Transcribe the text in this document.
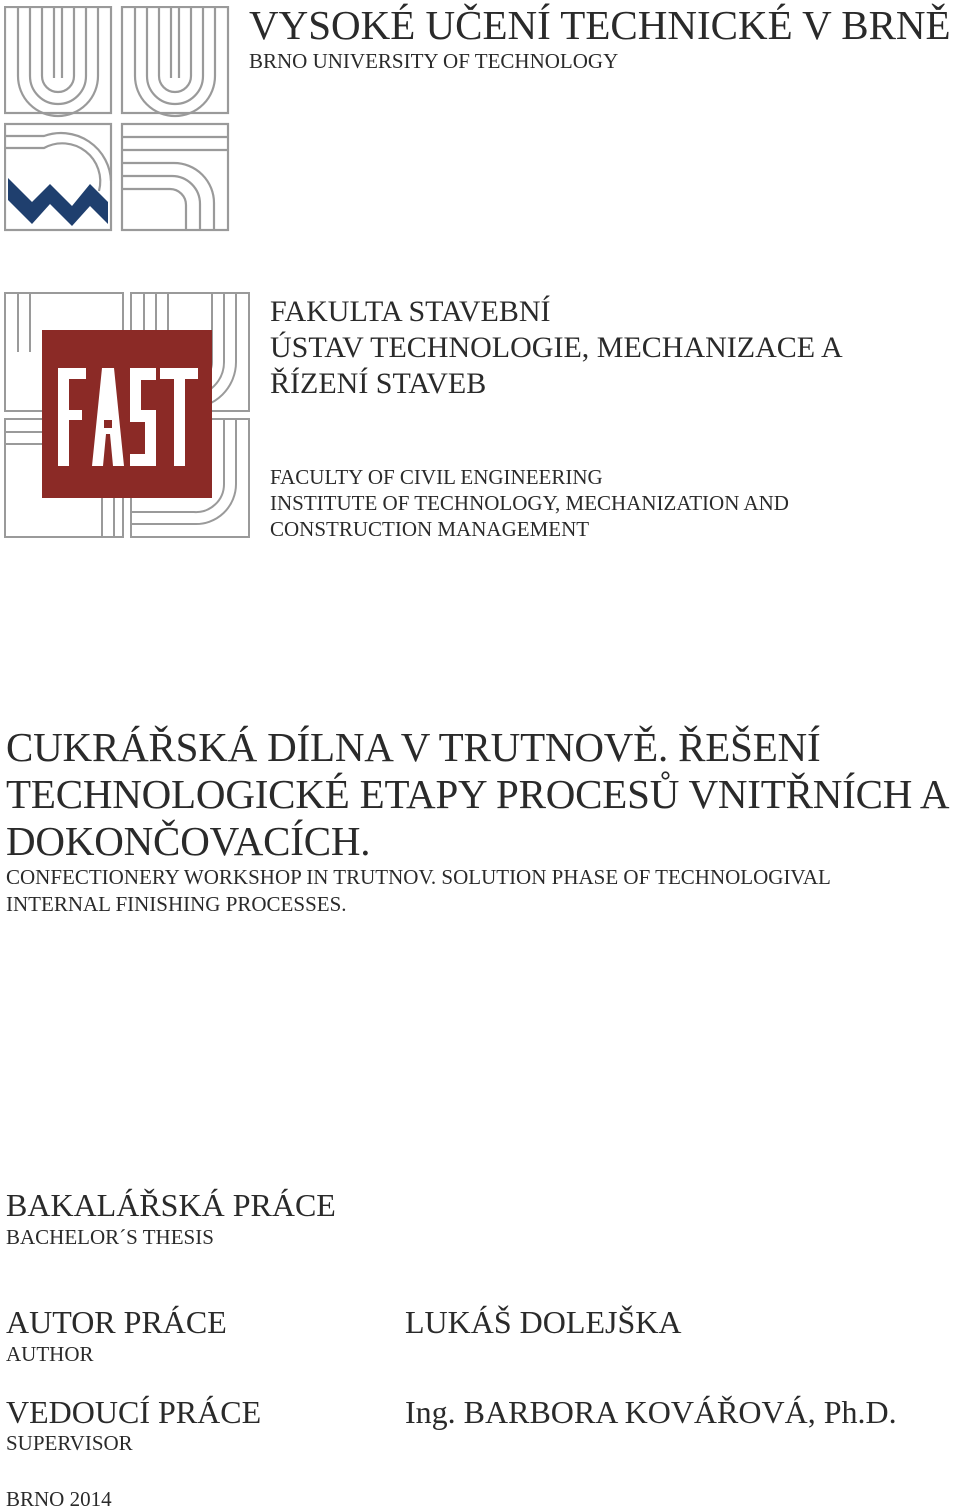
VYSOKÉ UČENÍ TECHNICKÉ V BRNĚ
BRNO UNIVERSITY OF TECHNOLOGY
FAKULTA STAVEBNÍ
ÚSTAV TECHNOLOGIE, MECHANIZACE A
ŘÍZENÍ STAVEB
FACULTY OF CIVIL ENGINEERING
INSTITUTE OF TECHNOLOGY, MECHANIZATION AND
CONSTRUCTION MANAGEMENT
CUKRÁŘSKÁ DÍLNA V TRUTNOVĚ. ŘEŠENÍ
TECHNOLOGICKÉ ETAPY PROCESŮ VNITŘNÍCH A
DOKONČOVACÍCH.
CONFECTIONERY WORKSHOP IN TRUTNOV. SOLUTION PHASE OF TECHNOLOGIVAL
INTERNAL FINISHING PROCESSES.
BAKALÁŘSKÁ PRÁCE
BACHELOR´S THESIS
AUTOR PRÁCE
AUTHOR
LUKÁŠ DOLEJŠKA
VEDOUCÍ PRÁCE
SUPERVISOR
Ing. BARBORA KOVÁŘOVÁ, Ph.D.
BRNO 2014
